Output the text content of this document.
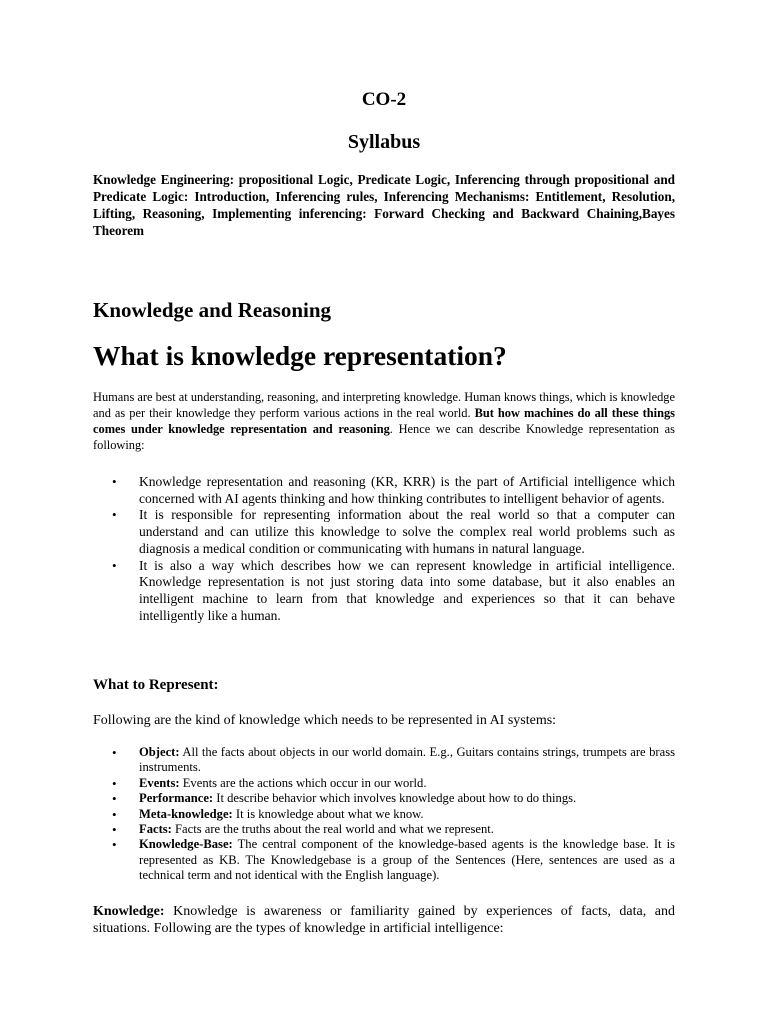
CO-2
Syllabus

Knowledge Engineering: propositional Logic, Predicate Logic, Inferencing through propositional and Predicate Logic: Introduction, Inferencing rules, Inferencing Mechanisms: Entitlement, Resolution, Lifting, Reasoning, Implementing inferencing: Forward Checking and Backward Chaining,Bayes Theorem

Knowledge and Reasoning
What is knowledge representation?

Humans are best at understanding, reasoning, and interpreting knowledge. Human knows things, which is knowledge and as per their knowledge they perform various actions in the real world. But how machines do all these things comes under knowledge representation and reasoning. Hence we can describe Knowledge representation as following:

• Knowledge representation and reasoning (KR, KRR) is the part of Artificial intelligence which concerned with AI agents thinking and how thinking contributes to intelligent behavior of agents.
• It is responsible for representing information about the real world so that a computer can understand and can utilize this knowledge to solve the complex real world problems such as diagnosis a medical condition or communicating with humans in natural language.
• It is also a way which describes how we can represent knowledge in artificial intelligence. Knowledge representation is not just storing data into some database, but it also enables an intelligent machine to learn from that knowledge and experiences so that it can behave intelligently like a human.
What to Represent:

Following are the kind of knowledge which needs to be represented in AI systems:

• Object: All the facts about objects in our world domain. E.g., Guitars contains strings, trumpets are brass instruments.
• Events: Events are the actions which occur in our world.
• Performance: It describe behavior which involves knowledge about how to do things.
• Meta-knowledge: It is knowledge about what we know.
• Facts: Facts are the truths about the real world and what we represent.
• Knowledge-Base: The central component of the knowledge-based agents is the knowledge base. It is represented as KB. The Knowledgebase is a group of the Sentences (Here, sentences are used as a technical term and not identical with the English language).

Knowledge: Knowledge is awareness or familiarity gained by experiences of facts, data, and situations. Following are the types of knowledge in artificial intelligence:
